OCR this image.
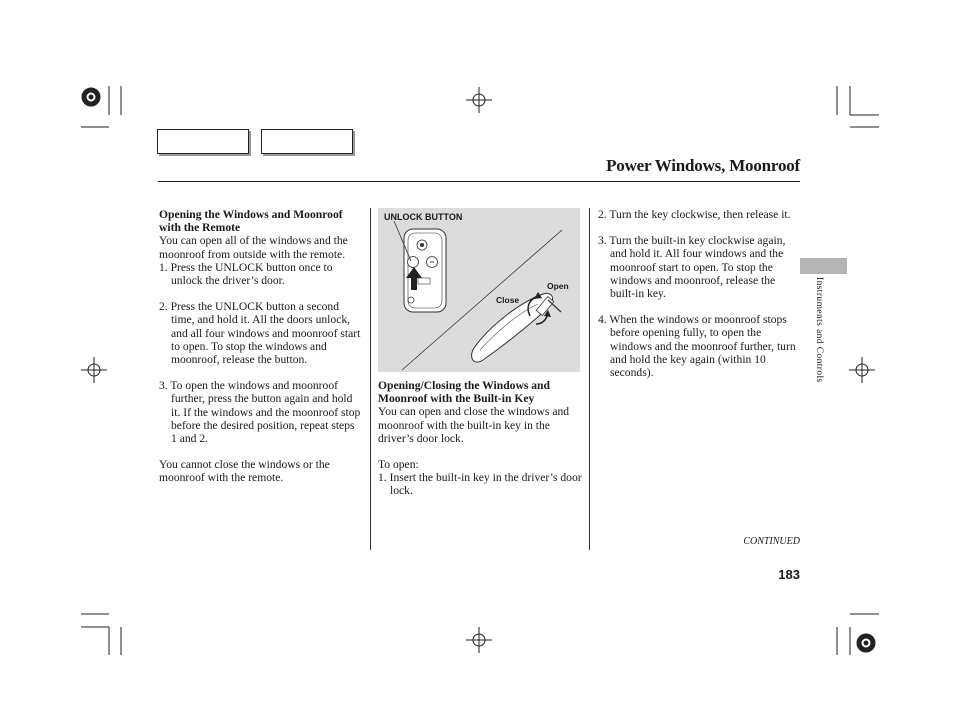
Power Windows, Moonroof
Instruments and Controls

Opening the Windows and Moonroof with the Remote

You can open all of the windows and the moonroof from outside with the remote.

1. Press the UNLOCK button once to unlock the driver’s door.

2. Press the UNLOCK button a second time, and hold it. All the doors unlock, and all four windows and moonroof start to open. To stop the windows and moonroof, release the button.

3. To open the windows and moonroof further, press the button again and hold it. If the windows and the moonroof stop before the desired position, repeat steps 1 and 2.

You cannot close the windows or the moonroof with the remote.

UNLOCK BUTTON
Open
Close

Opening/Closing the Windows and Moonroof with the Built-in Key

You can open and close the windows and moonroof with the built-in key in the driver’s door lock.

To open:

1. Insert the built-in key in the driver’s door lock.

2. Turn the key clockwise, then release it.

3. Turn the built-in key clockwise again, and hold it. All four windows and the moonroof start to open. To stop the windows and moonroof, release the built-in key.

4. When the windows or moonroof stops before opening fully, to open the windows and the moonroof further, turn and hold the key again (within 10 seconds).

CONTINUED
183
